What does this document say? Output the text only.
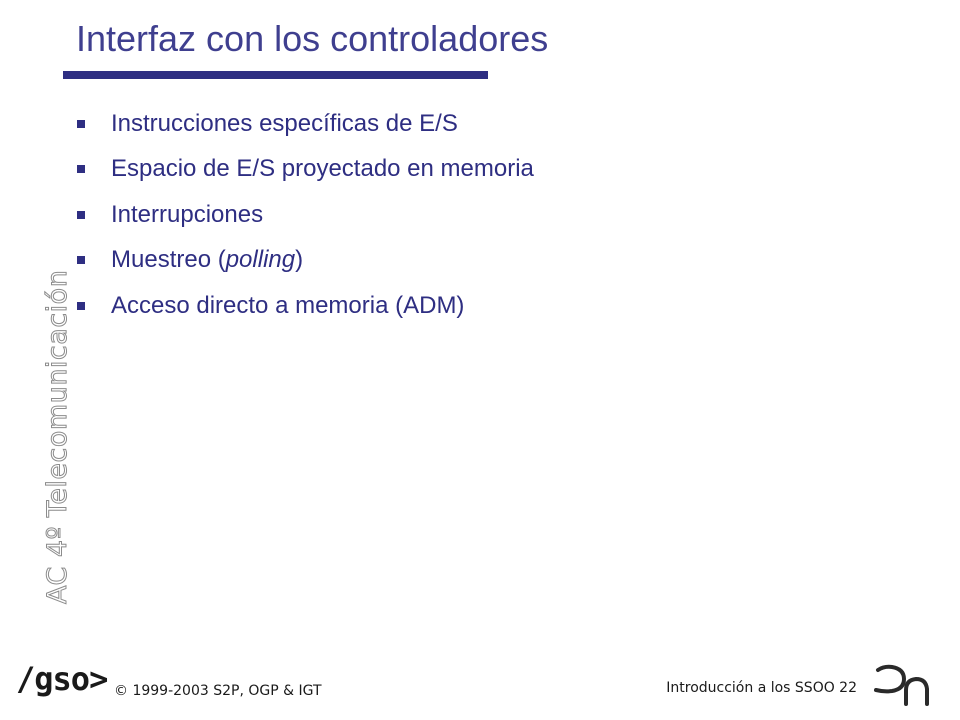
Interfaz con los controladores
Instrucciones específicas de E/S
Espacio de E/S proyectado en memoria
Interrupciones
Muestreo (polling)
Acceso directo a memoria (ADM)
AC 4º Telecomunicación
/gso> © 1999-2003 S2P, OGP & IGT	Introducción a los SSOO 22
